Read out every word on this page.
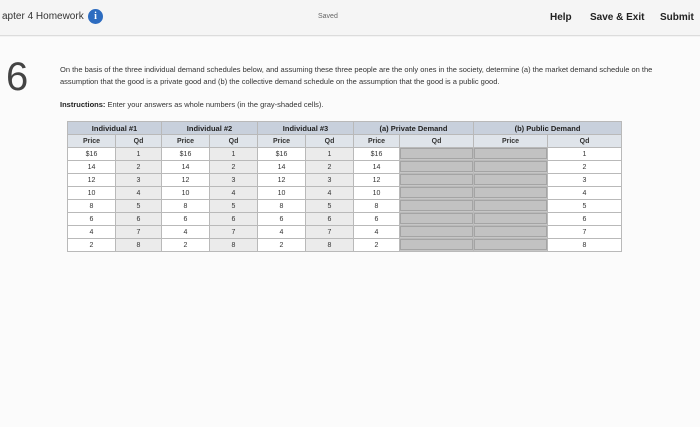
apter 4 Homework	i	Saved	Help Save & Exit Submit
6	On the basis of the three individual demand schedules below, and assuming these three people are the only ones in the society, determine (a) the market demand schedule on the assumption that the good is a private good and (b) the collective demand schedule on the assumption that the good is a public good.
Instructions: Enter your answers as whole numbers (in the gray-shaded cells).
Individual #1		Individual #2		Individual #3		(a) Private Demand		(b) Public Demand	
Price	Qd	Price	Qd	Price	Qd	Price	Qd	Price	Qd
$16	1	$16	1	$16	1	$16			1
14	2	14	2	14	2	14			2
12	3	12	3	12	3	12			3
10	4	10	4	10	4	10			4
8	5	8	5	8	5	8			5
6	6	6	6	6	6	6			6
4	7	4	7	4	7	4			7
2	8	2	8	2	8	2			8
